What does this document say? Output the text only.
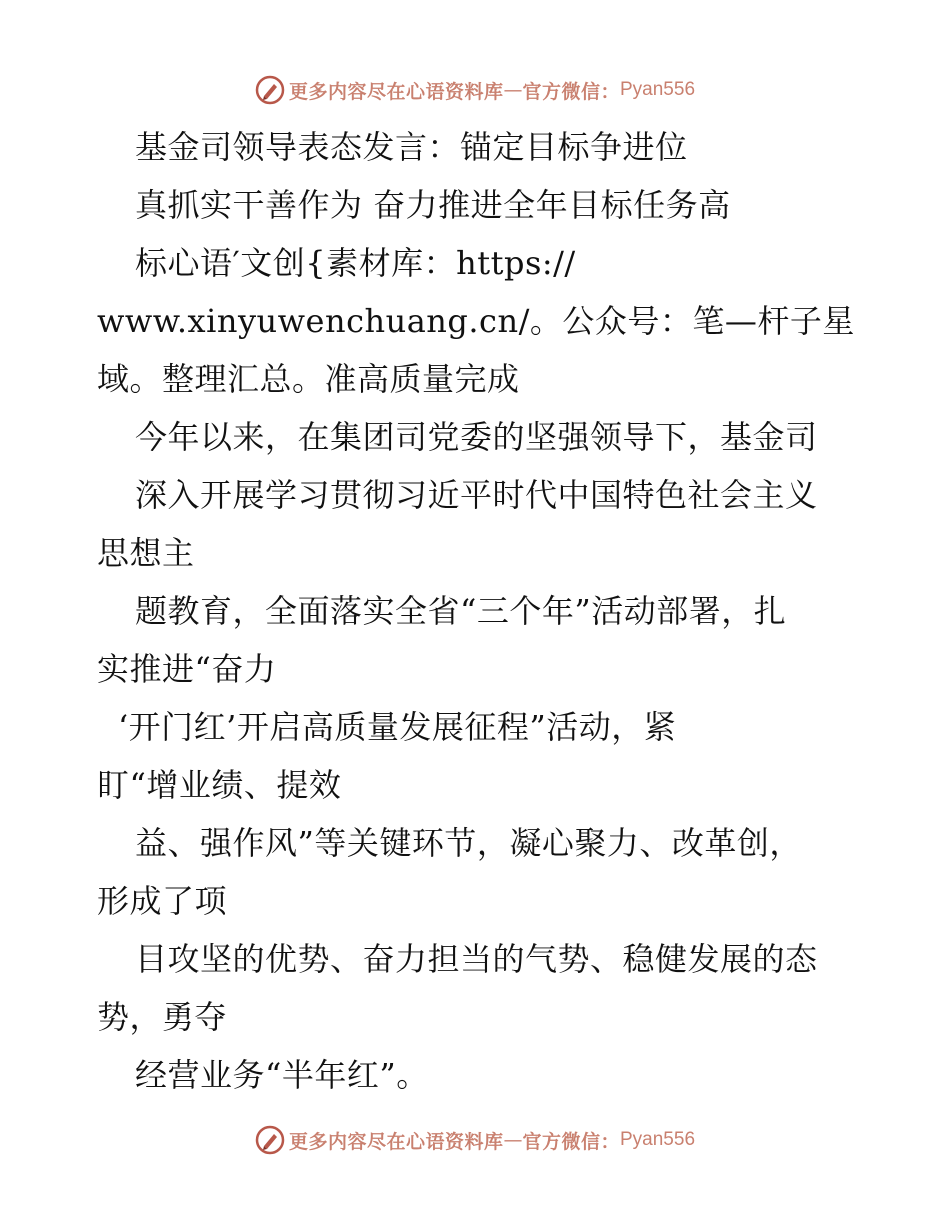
更多内容尽在心语资料库 — 官方微信： Pyan556
基金司领导表态发言：锚定目标争进位
真抓实干善作为 奋力推进全年目标任务高
标心语′文创{素材库：https://
www.xinyuwenchuang.cn/。公众号：笔—杆子星
域。整理汇总。准高质量完成
今年以来，在集团司党委的坚强领导下，基金司
深入开展学习贯彻习近平时代中国特色社会主义
思想主
题教育，全面落实全省“三个年”活动部署，扎
实推进“奋力
‘开门红’开启高质量发展征程”活动，紧
盯“增业绩、提效
益、强作风”等关键环节，凝心聚力、改革创，
形成了项
目攻坚的优势、奋力担当的气势、稳健发展的态
势，勇夺
经营业务“半年红”。
更多内容尽在心语资料库 — 官方微信： Pyan556
